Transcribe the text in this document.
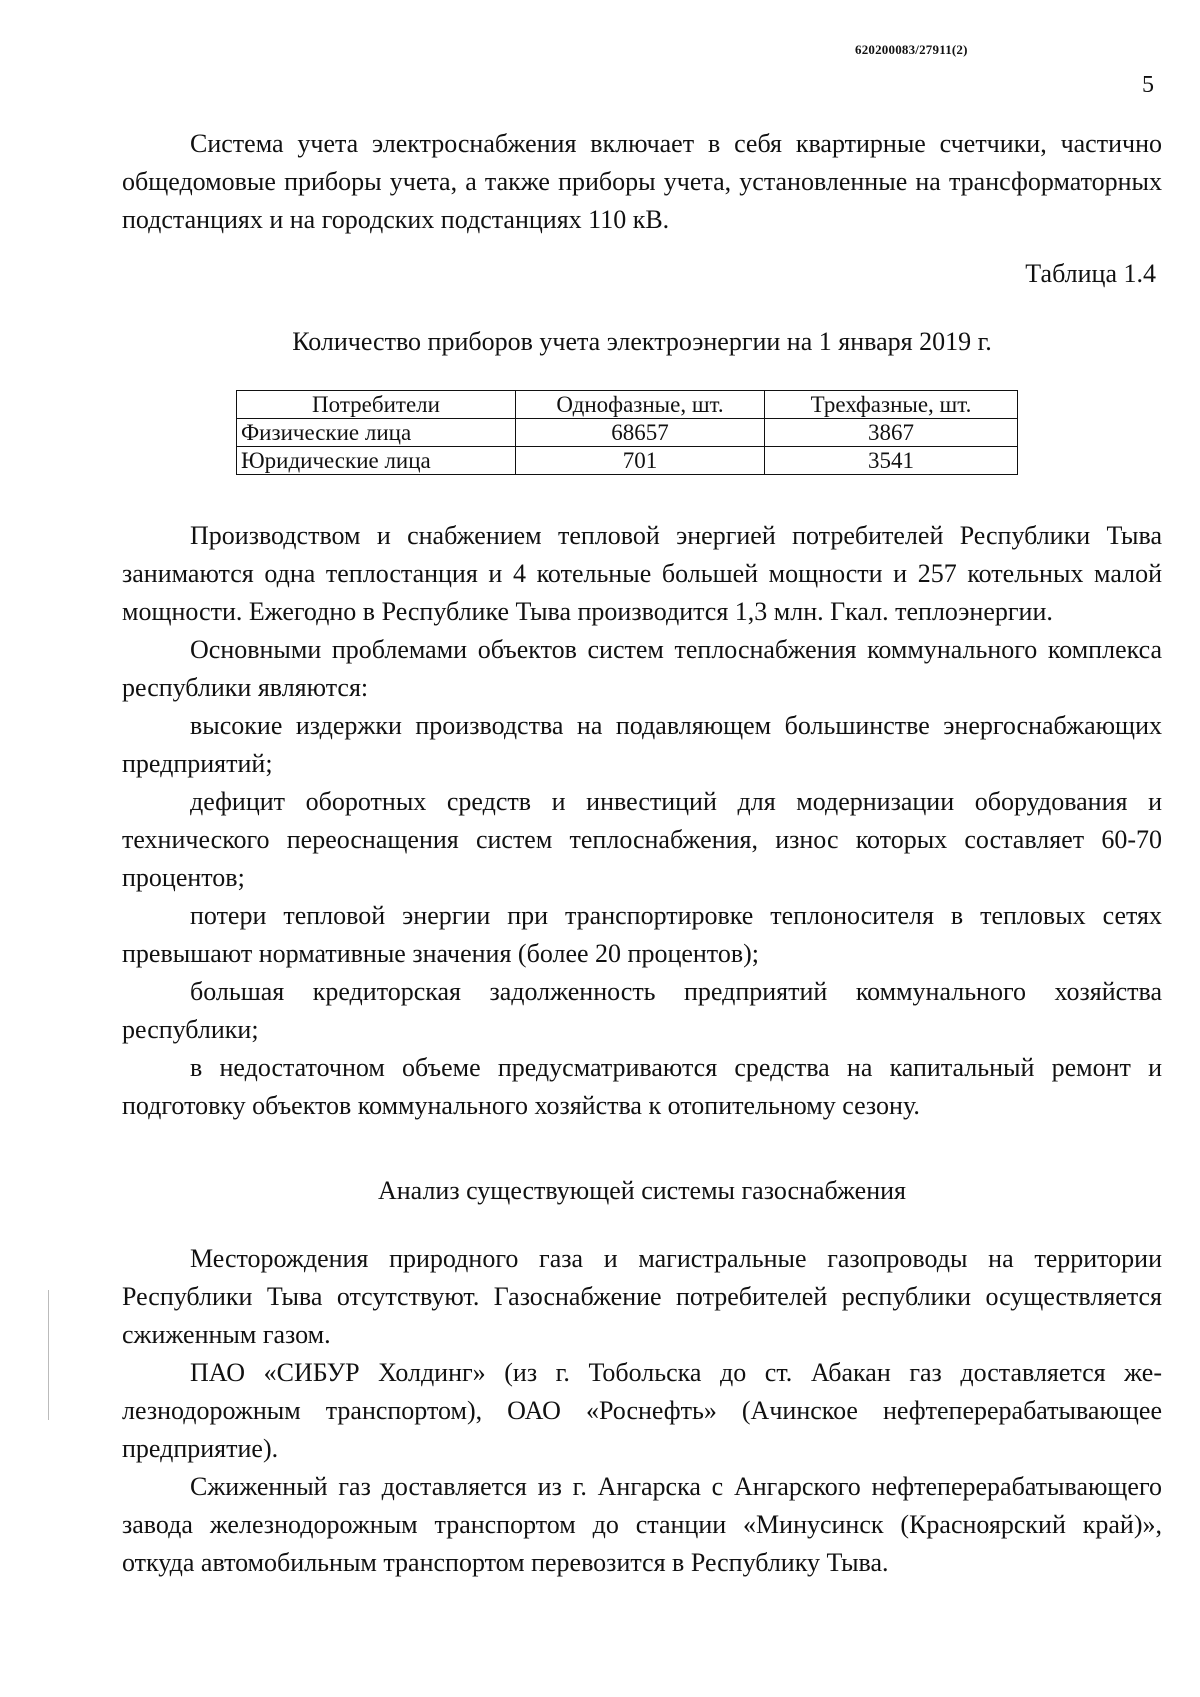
620200083/27911(2)
5

Система учета электроснабжения включает в себя квартирные счетчики, частично общедомовые приборы учета, а также приборы учета, установленные на трансформаторных подстанциях и на городских подстанциях 110 кВ.

Таблица 1.4
Количество приборов учета электроэнергии на 1 января 2019 г.
Потребители	Однофазные, шт.	Трехфазные, шт.
Физические лица	68657	3867
Юридические лица	701	3541

Производством и снабжением тепловой энергией потребителей Республики Тыва занимаются одна теплостанция и 4 котельные большей мощности и 257 котельных малой мощности. Ежегодно в Республике Тыва производится 1,3 млн. Гкал. теплоэнергии.

Основными проблемами объектов систем теплоснабжения коммунального комплекса республики являются:

высокие издержки производства на подавляющем большинстве энергоснабжающих предприятий;

дефицит оборотных средств и инвестиций для модернизации оборудования и технического переоснащения систем теплоснабжения, износ которых составляет 60-70 процентов;

потери тепловой энергии при транспортировке теплоносителя в тепловых сетях превышают нормативные значения (более 20 процентов);

большая кредиторская задолженность предприятий коммунального хозяйства республики;

в недостаточном объеме предусматриваются средства на капитальный ремонт и подготовку объектов коммунального хозяйства к отопительному сезону.

Анализ существующей системы газоснабжения

Месторождения природного газа и магистральные газопроводы на территории Республики Тыва отсутствуют. Газоснабжение потребителей республики осуществляется сжиженным газом.

ПАО «СИБУР Холдинг» (из г. Тобольска до ст. Абакан газ доставляется железнодорожным транспортом), ОАО «Роснефть» (Ачинское нефтеперерабатывающее предприятие).

Сжиженный газ доставляется из г. Ангарска с Ангарского нефтеперерабатывающего завода железнодорожным транспортом до станции «Минусинск (Красноярский край)», откуда автомобильным транспортом перевозится в Республику Тыва.
